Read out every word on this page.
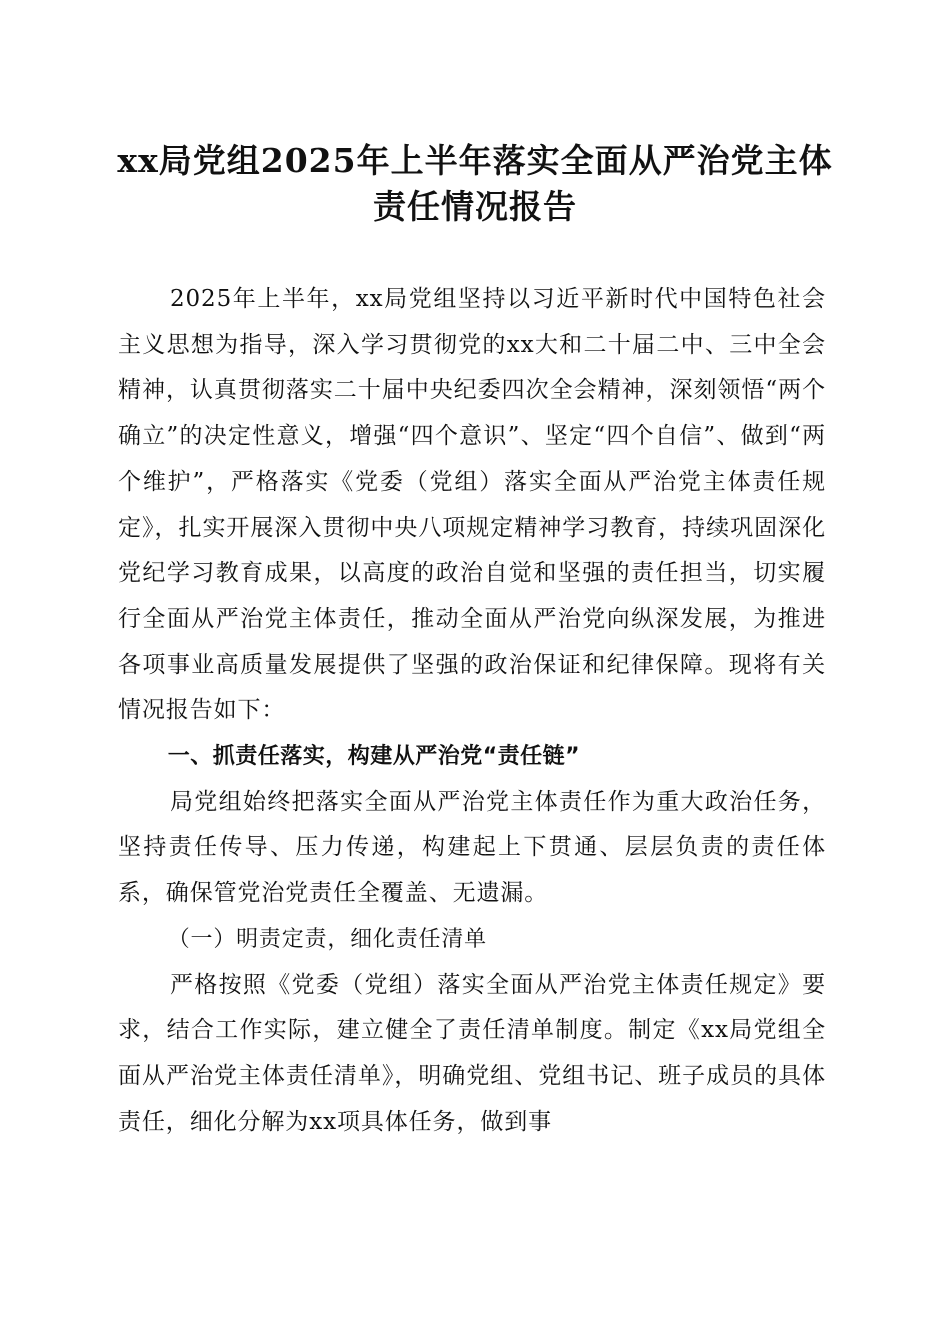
xx局党组2025年上半年落实全面从严治党主体责任情况报告

2025年上半年，xx局党组坚持以习近平新时代中国特色社会主义思想为指导，深入学习贯彻党的xx大和二十届二中、三中全会精神，认真贯彻落实二十届中央纪委四次全会精神，深刻领悟“两个确立”的决定性意义，增强“四个意识”、坚定“四个自信”、做到“两个维护”，严格落实《党委（党组）落实全面从严治党主体责任规定》，扎实开展深入贯彻中央八项规定精神学习教育，持续巩固深化党纪学习教育成果，以高度的政治自觉和坚强的责任担当，切实履行全面从严治党主体责任，推动全面从严治党向纵深发展，为推进各项事业高质量发展提供了坚强的政治保证和纪律保障。现将有关情况报告如下：

一、抓责任落实，构建从严治党“责任链”

局党组始终把落实全面从严治党主体责任作为重大政治任务，坚持责任传导、压力传递，构建起上下贯通、层层负责的责任体系，确保管党治党责任全覆盖、无遗漏。

（一）明责定责，细化责任清单

严格按照《党委（党组）落实全面从严治党主体责任规定》要求，结合工作实际，建立健全了责任清单制度。制定《xx局党组全面从严治党主体责任清单》，明确党组、党组书记、班子成员的具体责任，细化分解为xx项具体任务，做到事
